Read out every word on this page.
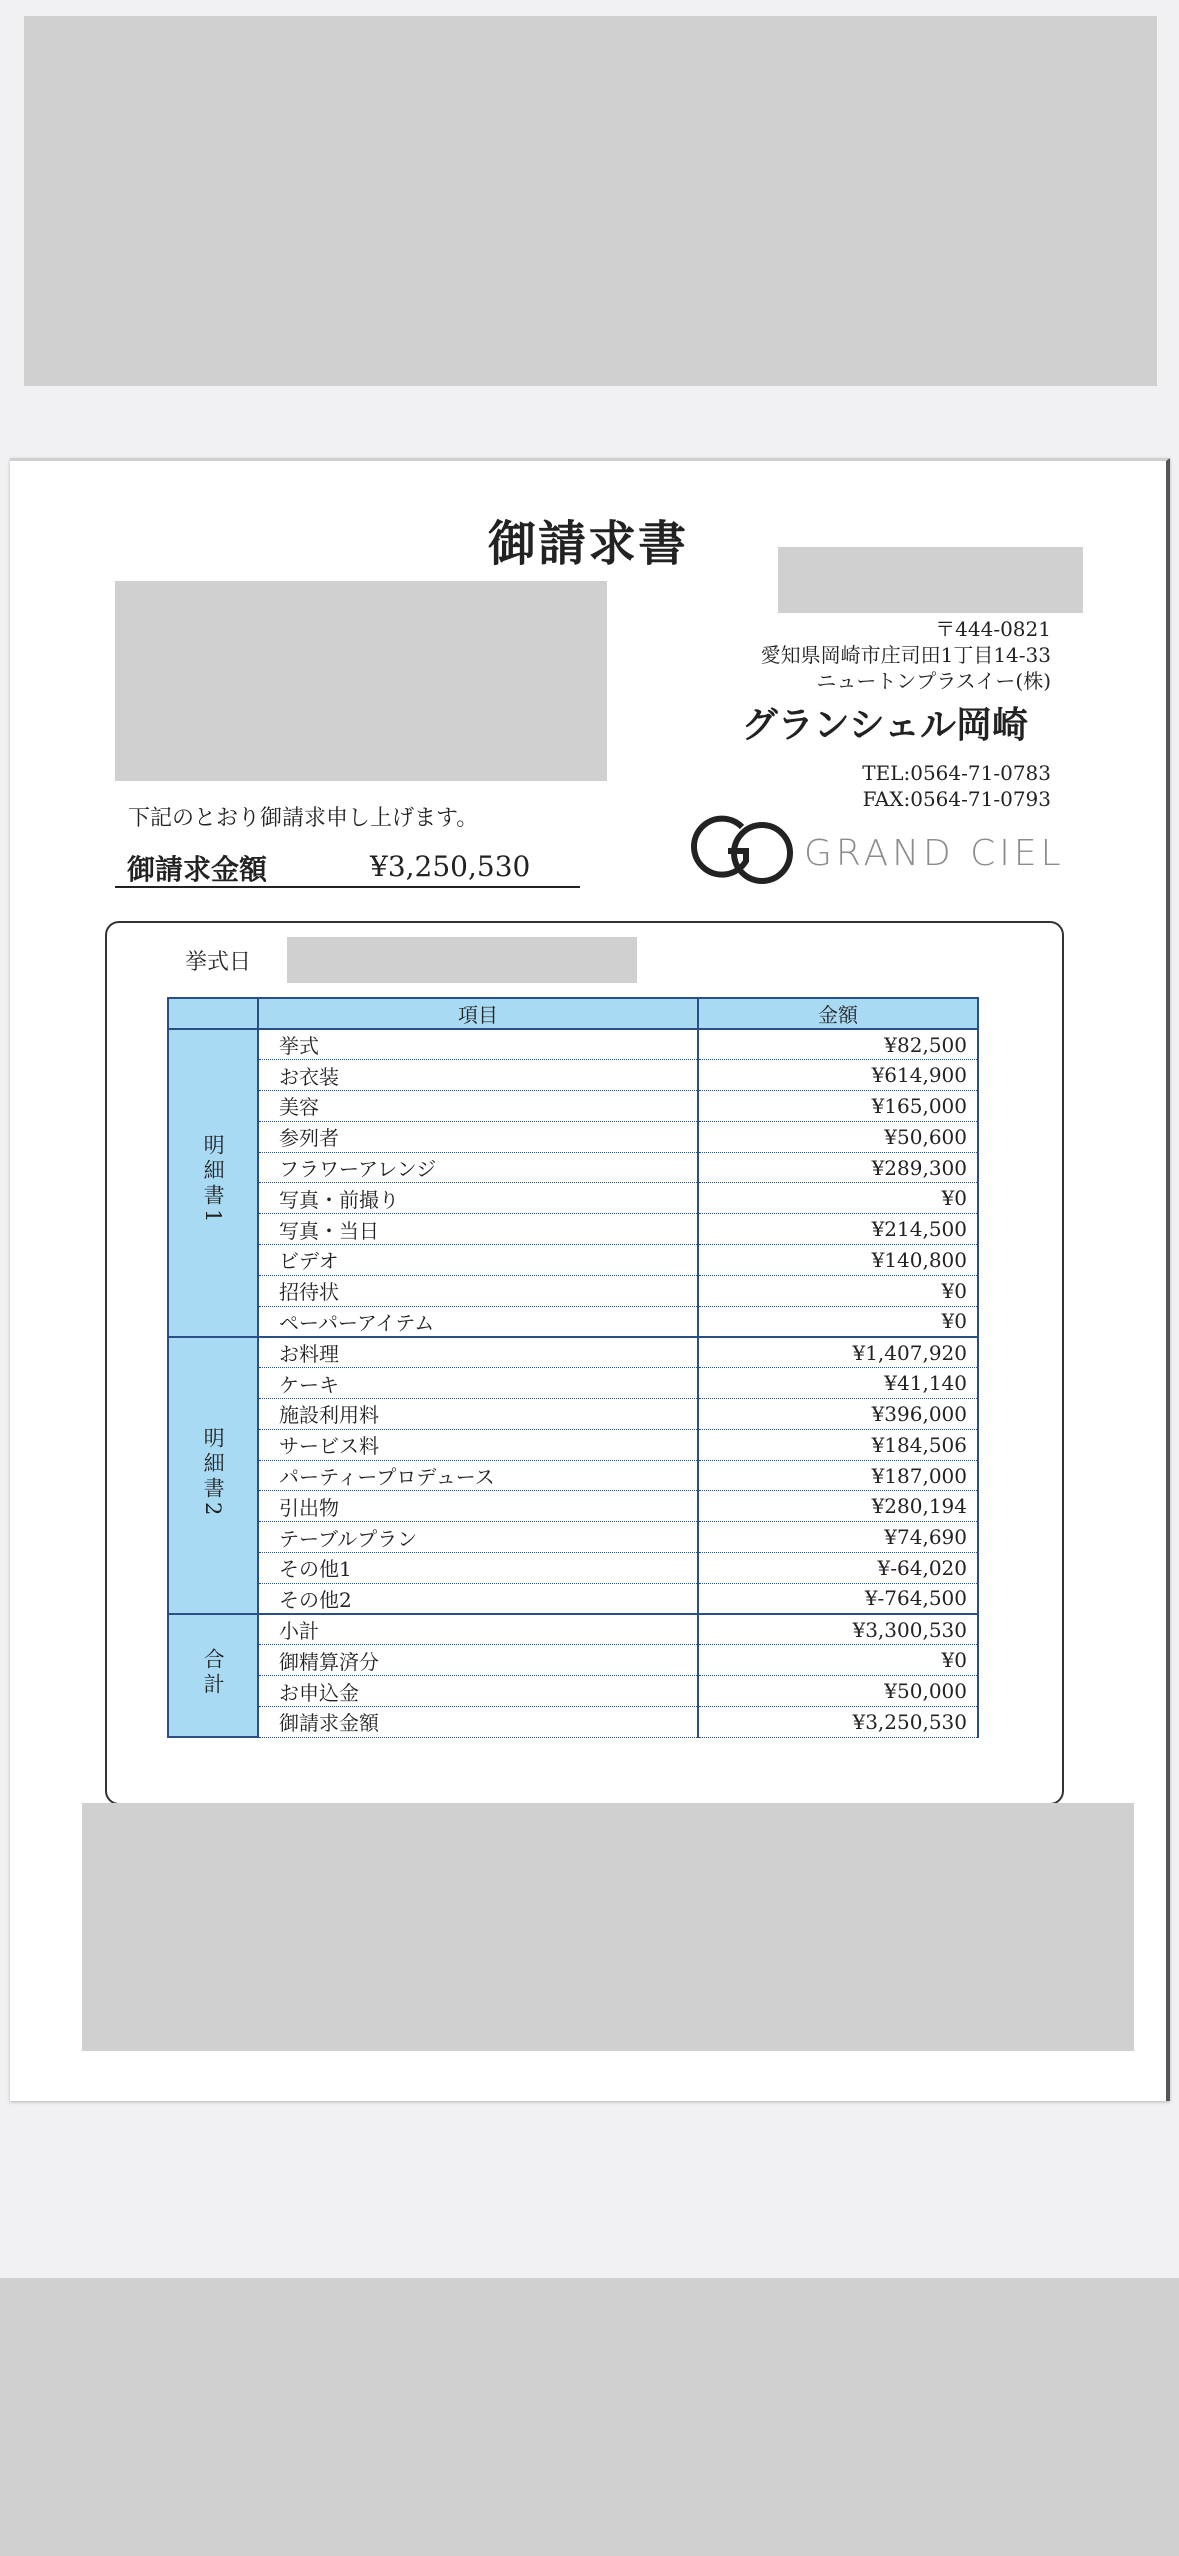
御請求書
〒444-0821
愛知県岡崎市庄司田1丁目14-33
ニュートンプラスイー(株)
グランシェル岡崎
TEL:0564-71-0783
FAX:0564-71-0793
GRAND CIEL
下記のとおり御請求申し上げます。
御請求金額	¥3,250,530
挙式日
	項目	金額
明細書1	挙式	¥82,500
	お衣装	¥614,900
	美容	¥165,000
	参列者	¥50,600
	フラワーアレンジ	¥289,300
	写真・前撮り	¥0
	写真・当日	¥214,500
	ビデオ	¥140,800
	招待状	¥0
	ペーパーアイテム	¥0
明細書2	お料理	¥1,407,920
	ケーキ	¥41,140
	施設利用料	¥396,000
	サービス料	¥184,506
	パーティープロデュース	¥187,000
	引出物	¥280,194
	テーブルプラン	¥74,690
	その他1	¥-64,020
	その他2	¥-764,500
合計	小計	¥3,300,530
	御精算済分	¥0
	お申込金	¥50,000
	御請求金額	¥3,250,530
